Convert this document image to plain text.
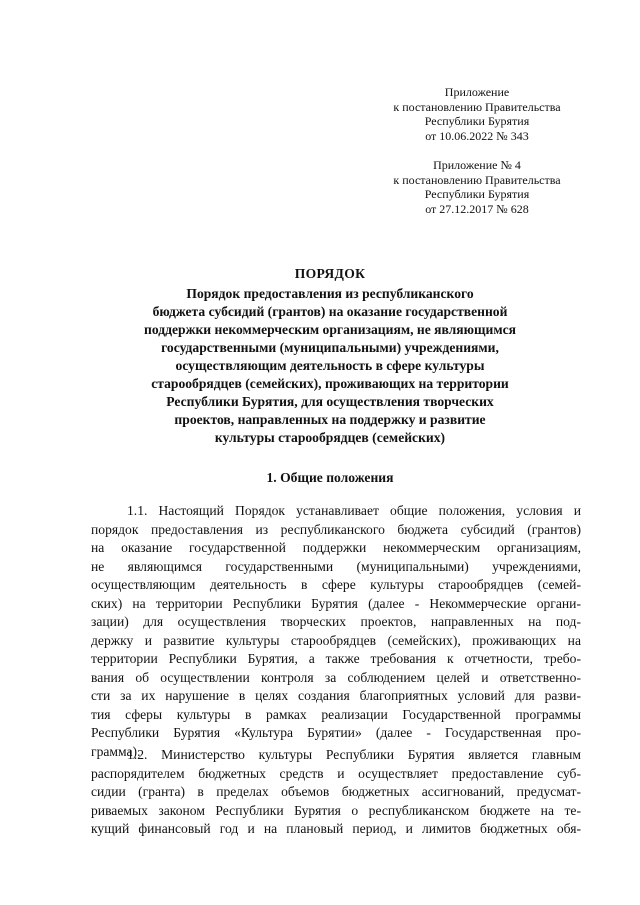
Приложение
к постановлению Правительства
Республики Бурятия
от 10.06.2022 № 343
Приложение № 4
к постановлению Правительства
Республики Бурятия
от 27.12.2017 № 628
ПОРЯДОК
Порядок предоставления из республиканского
бюджета субсидий (грантов) на оказание государственной
поддержки некоммерческим организациям, не являющимся
государственными (муниципальными) учреждениями,
осуществляющим деятельность в сфере культуры
старообрядцев (семейских), проживающих на территории
Республики Бурятия, для осуществления творческих
проектов, направленных на поддержку и развитие
культуры старообрядцев (семейских)
1. Общие положения
1.1. Настоящий Порядок устанавливает общие положения, условия и
порядок предоставления из республиканского бюджета субсидий (грантов)
на оказание государственной поддержки некоммерческим организациям,
не являющимся государственными (муниципальными) учреждениями,
осуществляющим деятельность в сфере культуры старообрядцев (семей-
ских) на территории Республики Бурятия (далее - Некоммерческие органи-
зации) для осуществления творческих проектов, направленных на под-
держку и развитие культуры старообрядцев (семейских), проживающих на
территории Республики Бурятия, а также требования к отчетности, требо-
вания об осуществлении контроля за соблюдением целей и ответственно-
сти за их нарушение в целях создания благоприятных условий для разви-
тия сферы культуры в рамках реализации Государственной программы
Республики Бурятия «Культура Бурятии» (далее - Государственная про-
грамма).
1.2. Министерство культуры Республики Бурятия является главным
распорядителем бюджетных средств и осуществляет предоставление суб-
сидии (гранта) в пределах объемов бюджетных ассигнований, предусмат-
риваемых законом Республики Бурятия о республиканском бюджете на те-
кущий финансовый год и на плановый период, и лимитов бюджетных обя-
